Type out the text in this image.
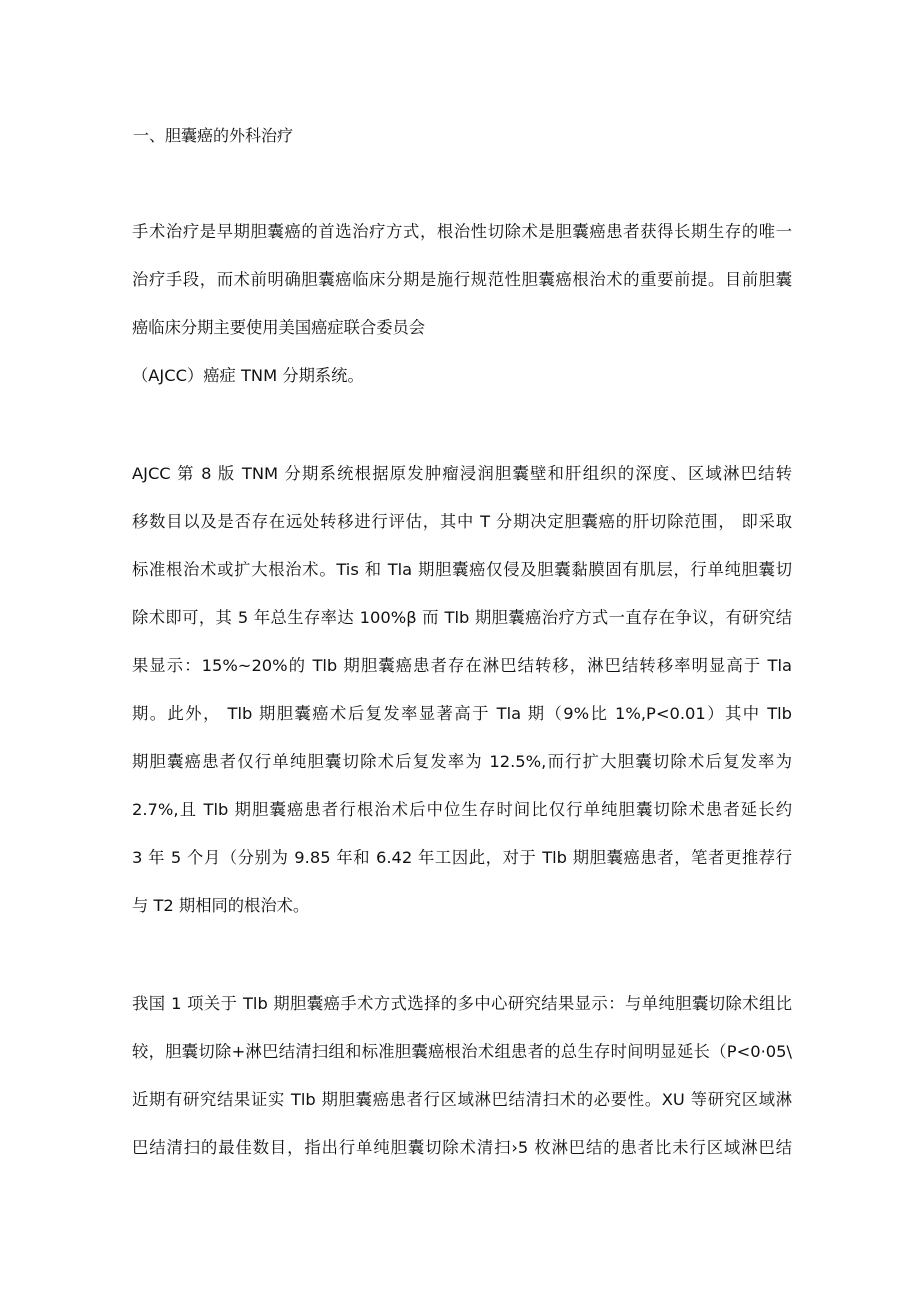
一、胆囊癌的外科治疗
手术治疗是早期胆囊癌的首选治疗方式，根治性切除术是胆囊癌患者获得长期生存的唯一
治疗手段，而术前明确胆囊癌临床分期是施行规范性胆囊癌根治术的重要前提。目前胆囊
癌临床分期主要使用美国癌症联合委员会
（AJCC）癌症 TNM 分期系统。
AJCC 第 8 版 TNM 分期系统根据原发肿瘤浸润胆囊壁和肝组织的深度、区域淋巴结转
移数目以及是否存在远处转移进行评估，其中 T 分期决定胆囊癌的肝切除范围， 即采取
标准根治术或扩大根治术。Tis 和 Tla 期胆囊癌仅侵及胆囊黏膜固有肌层，行单纯胆囊切
除术即可，其 5 年总生存率达 100%β 而 Tlb 期胆囊癌治疗方式一直存在争议，有研究结
果显示：15%~20%的 Tlb 期胆囊癌患者存在淋巴结转移，淋巴结转移率明显高于 Tla
期。此外， Tlb 期胆囊癌术后复发率显著高于 Tla 期（9%比 1%,P<0.01）其中 Tlb
期胆囊癌患者仅行单纯胆囊切除术后复发率为 12.5%,而行扩大胆囊切除术后复发率为
2.7%,且 Tlb 期胆囊癌患者行根治术后中位生存时间比仅行单纯胆囊切除术患者延长约
3 年 5 个月（分别为 9.85 年和 6.42 年工因此，对于 Tlb 期胆囊癌患者，笔者更推荐行
与 T2 期相同的根治术。
我国 1 项关于 Tlb 期胆囊癌手术方式选择的多中心研究结果显示：与单纯胆囊切除术组比
较，胆囊切除+淋巴结清扫组和标准胆囊癌根治术组患者的总生存时间明显延长（P<0·05\
近期有研究结果证实 Tlb 期胆囊癌患者行区域淋巴结清扫术的必要性。XU 等研究区域淋
巴结清扫的最佳数目，指出行单纯胆囊切除术清扫›5 枚淋巴结的患者比未行区域淋巴结
